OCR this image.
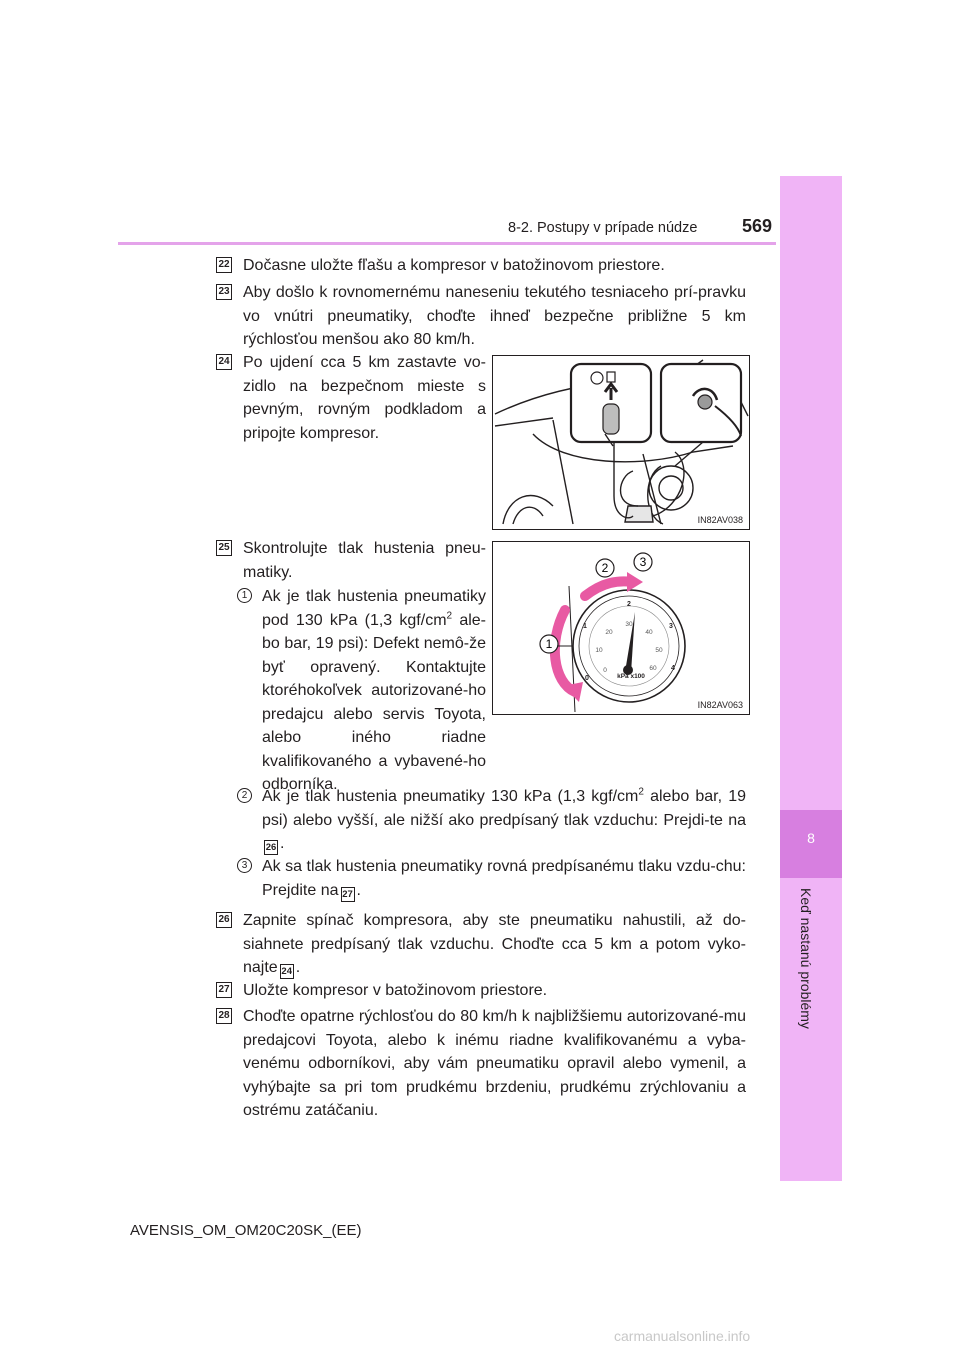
8-2. Postupy v prípade núdze 569
8
Keď nastanú problémy
22 Dočasne uložte fľašu a kompresor v batožinovom priestore.
23 Aby došlo k rovnomernému naneseniu tekutého tesniaceho prí-pravku vo vnútri pneumatiky, choďte ihneď bezpečne približne 5 km rýchlosťou menšou ako 80 km/h.
24 Po ujdení cca 5 km zastavte vo-zidlo na bezpečnom mieste s pevným, rovným podkladom a pripojte kompresor.
IN82AV038
25 Skontrolujte tlak hustenia pneu-matiky.
1
2	3
0
10
20
30
40
50
60
0
1
2
3
4
kPa x100
IN82AV063
1 Ak je tlak hustenia pneumatiky pod 130 kPa (1,3 kgf/$cm^2$ ale-bo bar, 19 psi): Defekt nemô-že byť opravený. Kontaktujte ktoréhokoľvek autorizované-ho predajcu alebo servis Toyota, alebo iného riadne kvalifikovaného a vybavené-ho odborníka.
2 Ak je tlak hustenia pneumatiky 130 kPa (1,3 kgf/$cm^2$ alebo bar, 19 psi) alebo vyšší, ale nižší ako predpísaný tlak vzduchu: Prejdi-te na26 .
3 Ak sa tlak hustenia pneumatiky rovná predpísanému tlaku vzdu-chu: Prejdite na 27 .
26 Zapnite spínač kompresora, aby ste pneumatiku nahustili, až do-siahnete predpísaný tlak vzduchu. Choďte cca 5 km a potom vyko-najte 24 .
27 Uložte kompresor v batožinovom priestore.
28 Choďte opatrne rýchlosťou do 80 km/h k najbližšiemu autorizované-mu predajcovi Toyota, alebo k inému riadne kvalifikovanému a vyba-venému odborníkovi, aby vám pneumatiku opravil alebo vymenil, a vyhýbajte sa pri tom prudkému brzdeniu, prudkému zrýchlovaniu a ostrému zatáčaniu.
AVENSIS_OM_OM20C20SK_(EE)
carmanualsonline.info
